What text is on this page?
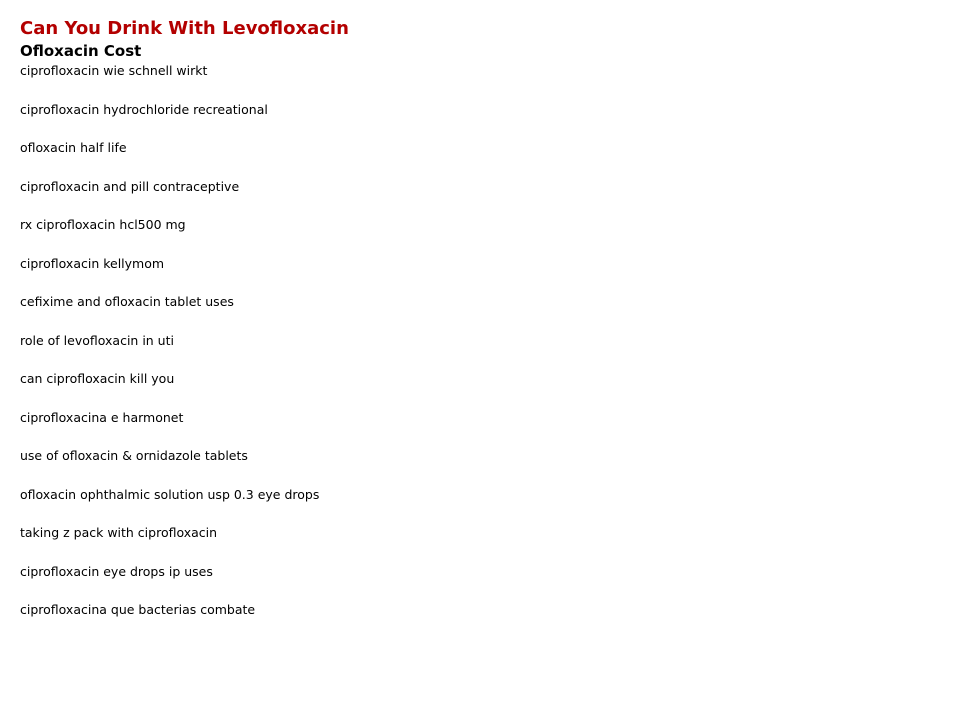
Can You Drink With Levofloxacin
Ofloxacin Cost
ciprofloxacin wie schnell wirkt
ciprofloxacin hydrochloride recreational
ofloxacin half life
ciprofloxacin and pill contraceptive
rx ciprofloxacin hcl500 mg
ciprofloxacin kellymom
cefixime and ofloxacin tablet uses
role of levofloxacin in uti
can ciprofloxacin kill you
ciprofloxacina e harmonet
use of ofloxacin & ornidazole tablets
ofloxacin ophthalmic solution usp 0.3 eye drops
taking z pack with ciprofloxacin
ciprofloxacin eye drops ip uses
ciprofloxacina que bacterias combate
